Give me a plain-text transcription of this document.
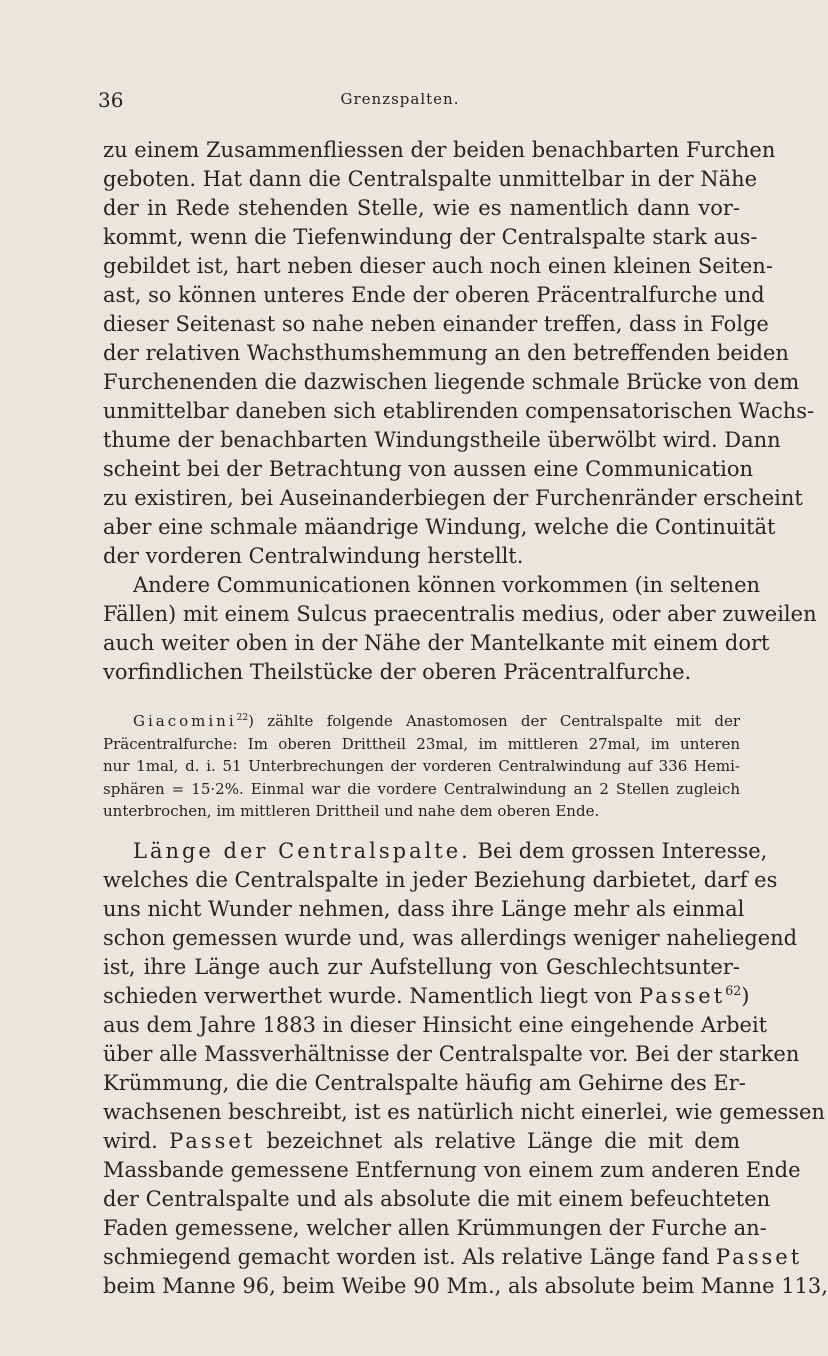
36	Grenzspalten.
zu einem Zusammenfliessen der beiden benachbarten Furchen
geboten. Hat dann die Centralspalte unmittelbar in der Nähe
der in Rede stehenden Stelle, wie es namentlich dann vor-
kommt, wenn die Tiefenwindung der Centralspalte stark aus-
gebildet ist, hart neben dieser auch noch einen kleinen Seiten-
ast, so können unteres Ende der oberen Präcentralfurche und
dieser Seitenast so nahe neben einander treffen, dass in Folge
der relativen Wachsthumshemmung an den betreffenden beiden
Furchenenden die dazwischen liegende schmale Brücke von dem
unmittelbar daneben sich etablirenden compensatorischen Wachs-
thume der benachbarten Windungstheile überwölbt wird. Dann
scheint bei der Betrachtung von aussen eine Communication
zu existiren, bei Auseinanderbiegen der Furchenränder erscheint
aber eine schmale mäandrige Windung, welche die Continuität
der vorderen Centralwindung herstellt.
Andere Communicationen können vorkommen (in seltenen
Fällen) mit einem Sulcus praecentralis medius, oder aber zuweilen
auch weiter oben in der Nähe der Mantelkante mit einem dort
vorfindlichen Theilstücke der oberen Präcentralfurche.
Giacomini$^{22}$) zählte folgende Anastomosen der Centralspalte mit der
Präcentralfurche: Im oberen Drittheil 23mal, im mittleren 27mal, im unteren
nur 1mal, d. i. 51 Unterbrechungen der vorderen Centralwindung auf 336 Hemi-
sphären = 15·2%. Einmal war die vordere Centralwindung an 2 Stellen zugleich
unterbrochen, im mittleren Drittheil und nahe dem oberen Ende.
Länge der Centralspalte. Bei dem grossen Interesse,
welches die Centralspalte in jeder Beziehung darbietet, darf es
uns nicht Wunder nehmen, dass ihre Länge mehr als einmal
schon gemessen wurde und, was allerdings weniger naheliegend
ist, ihre Länge auch zur Aufstellung von Geschlechtsunter-
schieden verwerthet wurde. Namentlich liegt von Passet$^{62}$)
aus dem Jahre 1883 in dieser Hinsicht eine eingehende Arbeit
über alle Massverhältnisse der Centralspalte vor. Bei der starken
Krümmung, die die Centralspalte häufig am Gehirne des Er-
wachsenen beschreibt, ist es natürlich nicht einerlei, wie gemessen
wird. Passet bezeichnet als relative Länge die mit dem
Massbande gemessene Entfernung von einem zum anderen Ende
der Centralspalte und als absolute die mit einem befeuchteten
Faden gemessene, welcher allen Krümmungen der Furche an-
schmiegend gemacht worden ist. Als relative Länge fand Passet
beim Manne 96, beim Weibe 90 Mm., als absolute beim Manne 113,
